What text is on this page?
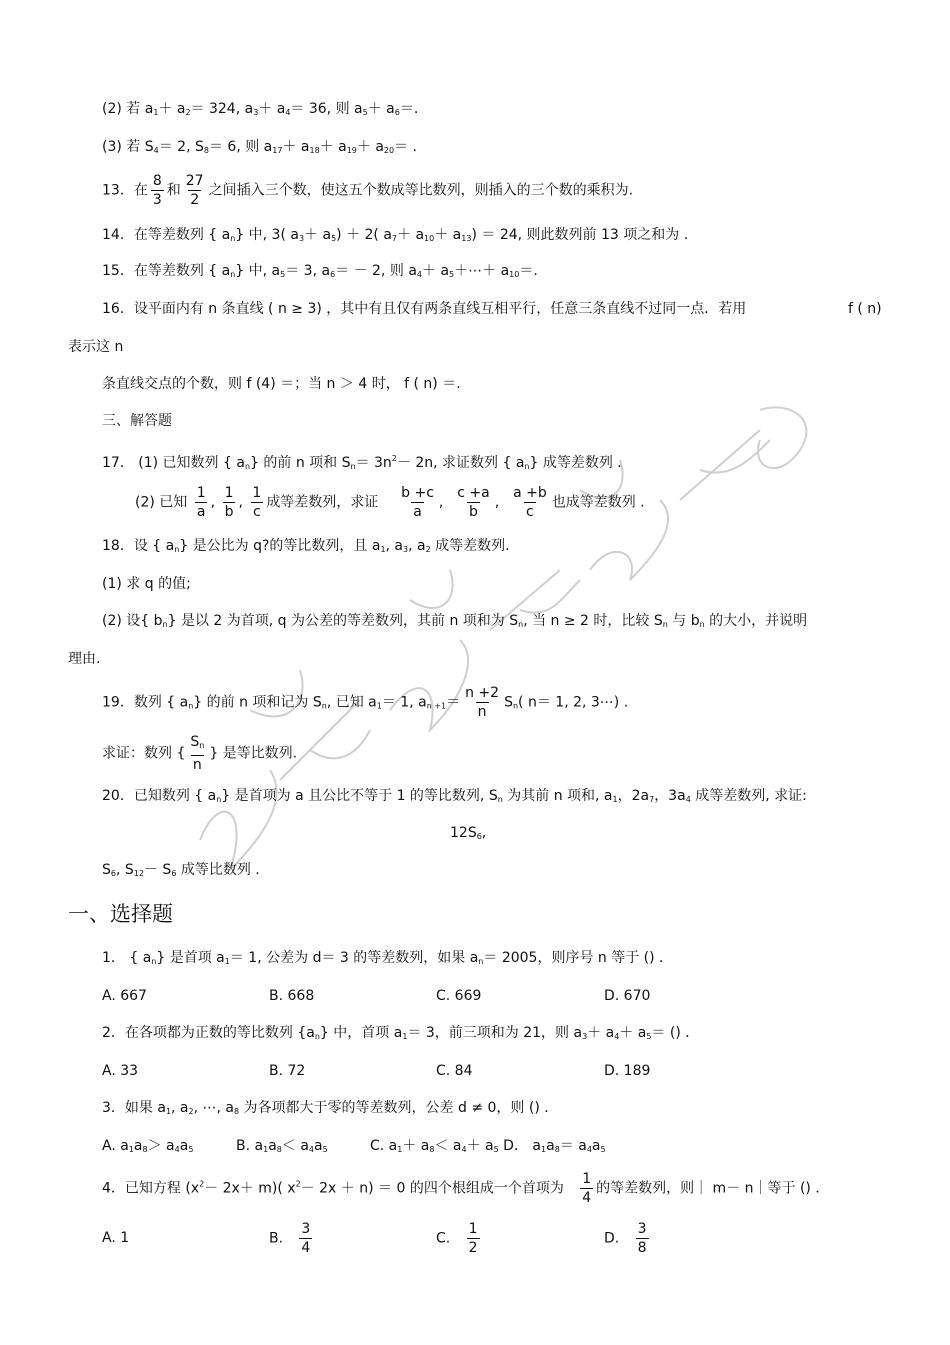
(2) 若 $a_1+ a_2= 324$, $a_3+ a_4= 36$, 则 $a_5+ a_6=$.
(3) 若 $S_4= 2$, $S_8= 6$, 则 $a_{17}+ a_{18}+ a_{19}+ a_{20}=$ .
13．在 $\frac{8}{3}$ 和 $\frac{27}{2}$ 之间插入三个数，使这五个数成等比数列，则插入的三个数的乘积为.
14．在等差数列 { $a_n$} 中, 3( $a_3+ a_5) + 2$( $a_7+ a_{10}+ a_{13}) = 24$, 则此数列前 13 项之和为 .
15．在等差数列 { $a_n$} 中, $a_5= 3$, $a_6= - 2$, 则 $a_4+$ $a_5+\cdots+ a_{10}=$.
16．设平面内有 n 条直线 ( n ≥ 3) ，其中有且仅有两条直线互相平行，任意三条直线不过同一点．若用	f ( n)
表示这 n
条直线交点的个数，则 f (4) ＝；当 n ＞ 4 时， f ( n) ＝.
三、解答题
17． (1) 已知数列 { $a_n$} 的前 n 项和 $S_n= 3n^2- 2n$, 求证数列 { $a_n$} 成等差数列 .
(2) 已知 $\frac{1}{a}$ , $\frac{1}{b}$ , $\frac{1}{c}$ 成等差数列，求证 $\frac{b +c}{a}$ , $\frac{c +a}{b}$ , $\frac{a +b}{c}$ 也成等差数列 .
18．设 { $a_n$} 是公比为 q?的等比数列，且 $a_1$, $a_3$, $a_2$ 成等差数列.
(1) 求 q 的值;
(2) 设{ $b_n$} 是以 2 为首项, q 为公差的等差数列，其前 n 项和为 $S_n$, 当 n ≥ 2 时，比较 $S_n$ 与 $b_n$ 的大小，并说明
理由.
19．数列 { $a_n$} 的前 n 项和记为 $S_n$, 已知 $a_1= 1$, $a_{n +1}= \frac{n +2}{n} S_n$( n＝ 1, 2, 3⋯) .
求证：数列 { $\frac{S_n}{n}$ } 是等比数列.
20．已知数列 { $a_n$} 是首项为 a 且公比不等于 1 的等比数列, $S_n$ 为其前 n 项和, $a_1$，$2a_7$，$3a_4$ 成等差数列, 求证:
$12S_6$,
$S_6$, $S_{12}- S_6$ 成等比数列 .
一、选择题
1． { $a_n$} 是首项 $a_1= 1$, 公差为 d＝ 3 的等差数列，如果 $a_n= 2005$，则序号 n 等于 () ．
A. 667	B. 668	C. 669	D. 670
2．在各项都为正数的等比数列 $\{a_n\}$ 中，首项 $a_1= 3$，前三项和为 21，则 $a_3+ a_4+ a_5=$ () ．
A. 33	B. 72	C. 84	D. 189
3．如果 $a_1$, $a_2$, ⋯, $a_8$ 为各项都大于零的等差数列，公差 d ≠ 0，则 () ．
A. $a_1a_8> a_4a_5$	B. $a_1a_8< a_4a_5$	C. $a_1+ a_8< a_4+ a_5$ D． $a_1a_8= a_4a_5$
4．已知方程 $(x^2- 2x+ m)$( $x^2- 2x + n) = 0$ 的四个根组成一个首项为 $\frac{1}{4}$ 的等差数列，则｜ m－ n｜等于 () ．
A. 1	B. $\frac{3}{4}$	C. $\frac{1}{2}$	D. $\frac{3}{8}$
